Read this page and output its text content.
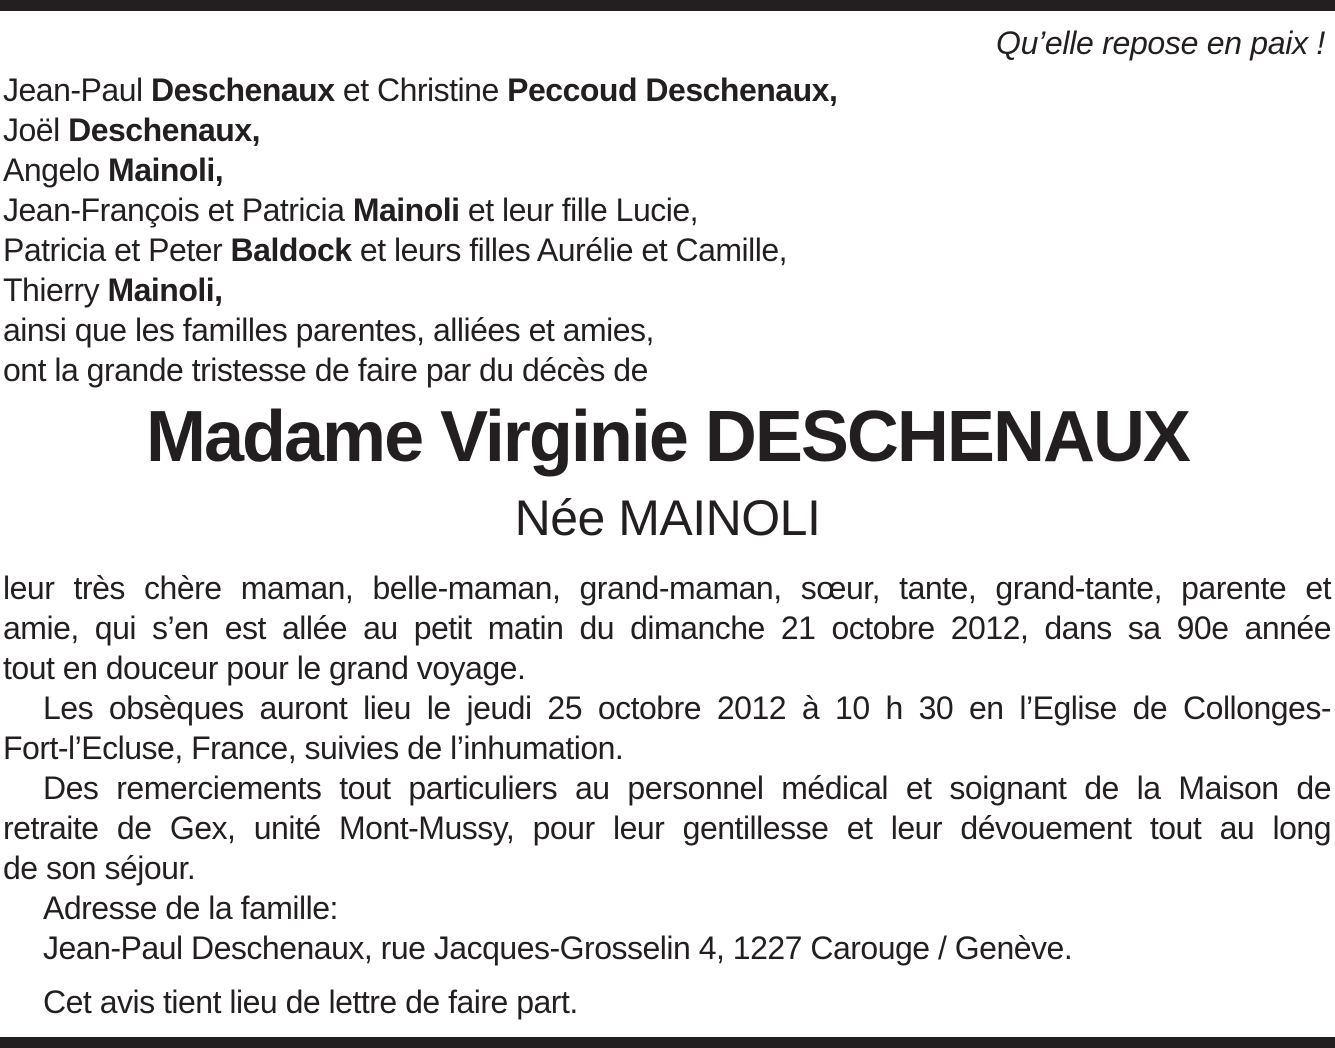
Qu’elle repose en paix !
Jean-Paul Deschenaux et Christine Peccoud Deschenaux,
Joël Deschenaux,
Angelo Mainoli,
Jean-François et Patricia Mainoli et leur fille Lucie,
Patricia et Peter Baldock et leurs filles Aurélie et Camille,
Thierry Mainoli,
ainsi que les familles parentes, alliées et amies,
ont la grande tristesse de faire par du décès de
Madame Virginie DESCHENAUX
Née MAINOLI
leur très chère maman, belle-maman, grand-maman, sœur, tante, grand-tante, parente et
amie, qui s’en est allée au petit matin du dimanche 21 octobre 2012, dans sa 90e année
tout en douceur pour le grand voyage.
Les obsèques auront lieu le jeudi 25 octobre 2012 à 10 h 30 en l’Eglise de Collonges-
Fort-l’Ecluse, France, suivies de l’inhumation.
Des remerciements tout particuliers au personnel médical et soignant de la Maison de
retraite de Gex, unité Mont-Mussy, pour leur gentillesse et leur dévouement tout au long
de son séjour.
Adresse de la famille:
Jean-Paul Deschenaux, rue Jacques-Grosselin 4, 1227 Carouge / Genève.
Cet avis tient lieu de lettre de faire part.
